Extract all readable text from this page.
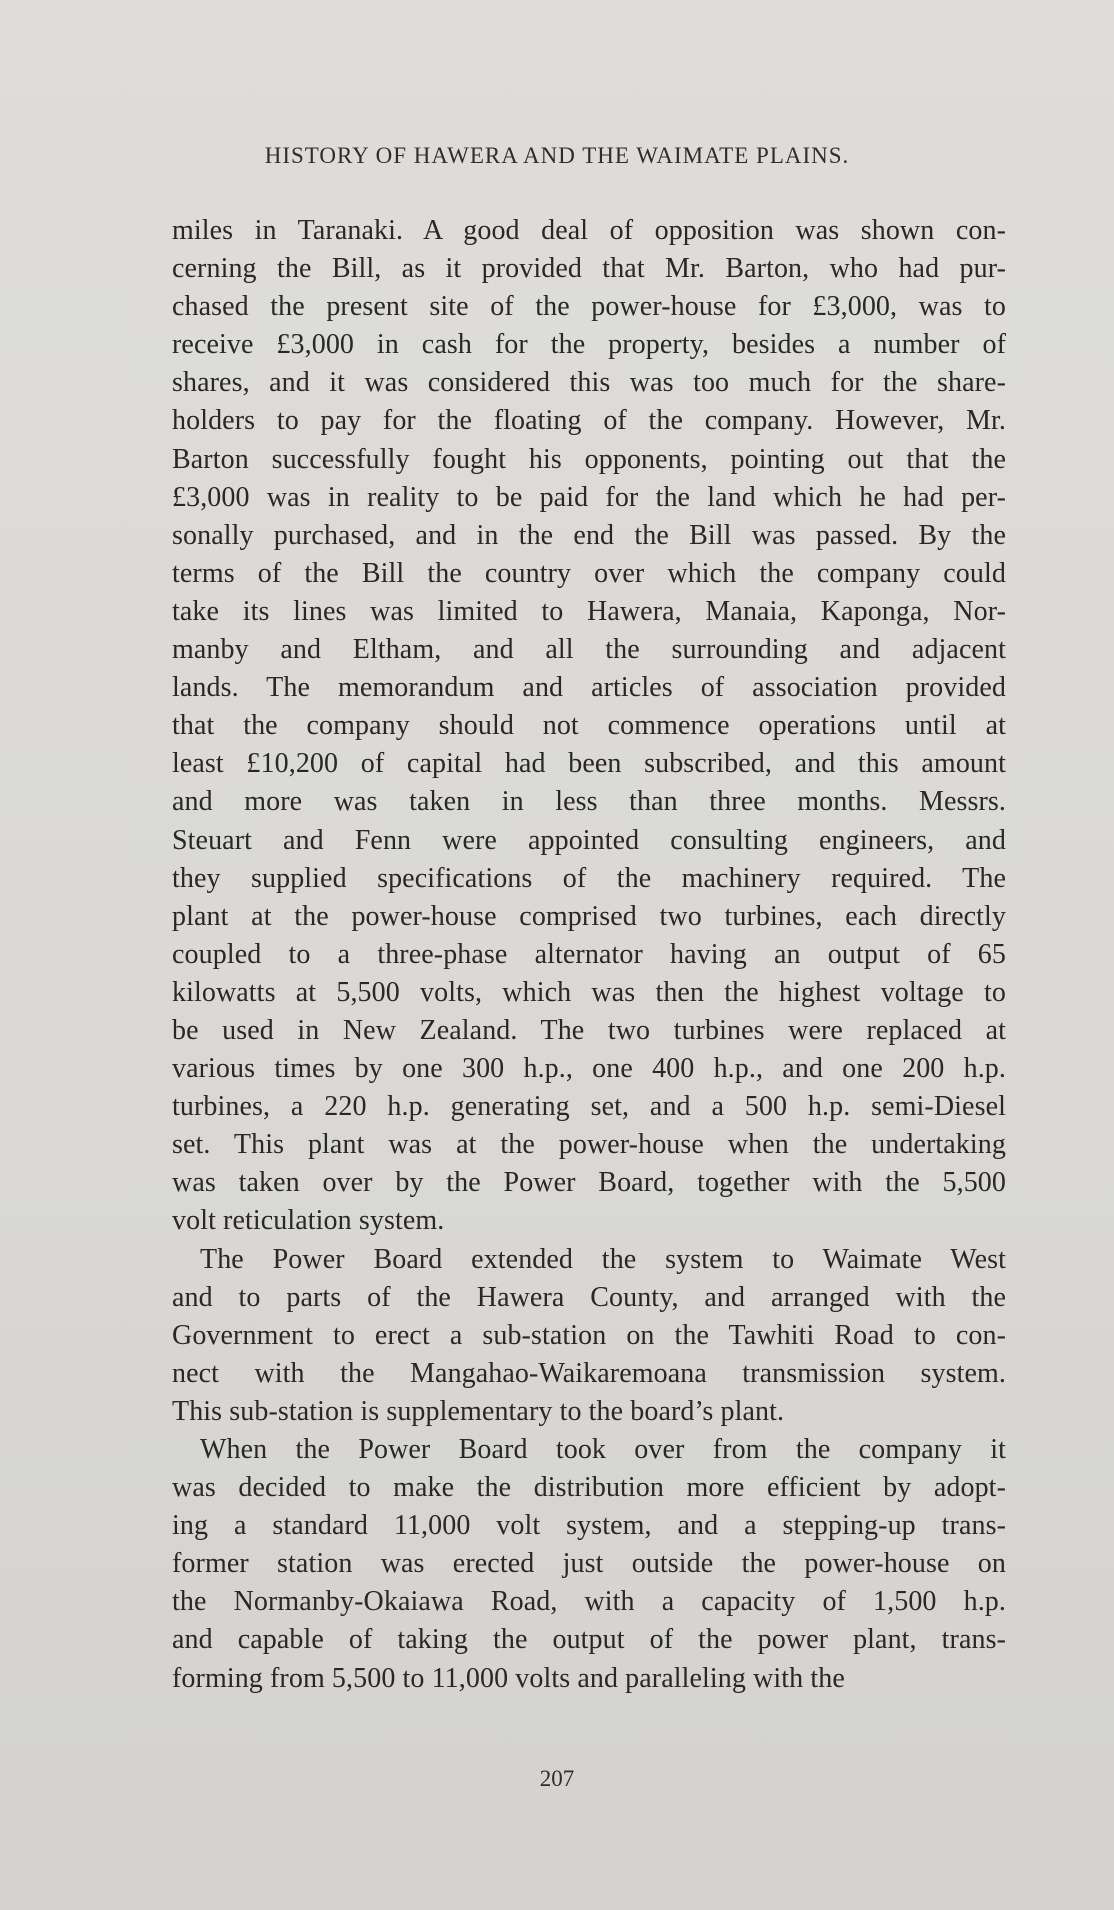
HISTORY OF HAWERA AND THE WAIMATE PLAINS.
miles in Taranaki. A good deal of opposition was shown con-
cerning the Bill, as it provided that Mr. Barton, who had pur-
chased the present site of the power-house for £3,000, was to
receive £3,000 in cash for the property, besides a number of
shares, and it was considered this was too much for the share-
holders to pay for the floating of the company. However, Mr.
Barton successfully fought his opponents, pointing out that the
£3,000 was in reality to be paid for the land which he had per-
sonally purchased, and in the end the Bill was passed. By the
terms of the Bill the country over which the company could
take its lines was limited to Hawera, Manaia, Kaponga, Nor-
manby and Eltham, and all the surrounding and adjacent
lands. The memorandum and articles of association provided
that the company should not commence operations until at
least £10,200 of capital had been subscribed, and this amount
and more was taken in less than three months. Messrs.
Steuart and Fenn were appointed consulting engineers, and
they supplied specifications of the machinery required. The
plant at the power-house comprised two turbines, each directly
coupled to a three-phase alternator having an output of 65
kilowatts at 5,500 volts, which was then the highest voltage to
be used in New Zealand. The two turbines were replaced at
various times by one 300 h.p., one 400 h.p., and one 200 h.p.
turbines, a 220 h.p. generating set, and a 500 h.p. semi-Diesel
set. This plant was at the power-house when the undertaking
was taken over by the Power Board, together with the 5,500
volt reticulation system.
The Power Board extended the system to Waimate West
and to parts of the Hawera County, and arranged with the
Government to erect a sub-station on the Tawhiti Road to con-
nect with the Mangahao-Waikaremoana transmission system.
This sub-station is supplementary to the board’s plant.
When the Power Board took over from the company it
was decided to make the distribution more efficient by adopt-
ing a standard 11,000 volt system, and a stepping-up trans-
former station was erected just outside the power-house on
the Normanby-Okaiawa Road, with a capacity of 1,500 h.p.
and capable of taking the output of the power plant, trans-
forming from 5,500 to 11,000 volts and paralleling with the
207
